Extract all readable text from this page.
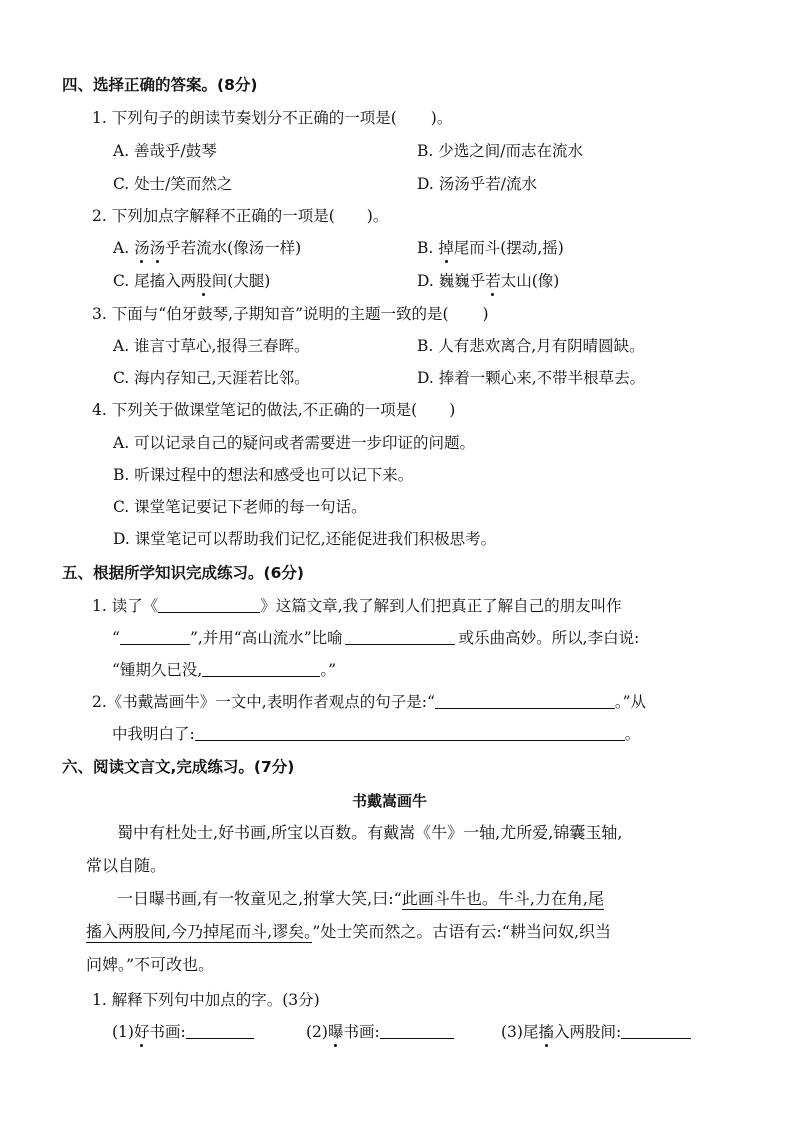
四、选择正确的答案。(8分)
1. 下列句子的朗读节奏划分不正确的一项是( )。
A. 善哉乎/鼓琴	B. 少选之间/而志在流水
C. 处士/笑而然之	D. 汤汤乎若/流水
2. 下列加点字解释不正确的一项是( )。
A. 汤汤乎若流水(像汤一样)	B. 掉尾而斗(摆动,摇)
C. 尾搐入两股间(大腿)	D. 巍巍乎若太山(像)
3. 下面与“伯牙鼓琴,子期知音”说明的主题一致的是( )
A. 谁言寸草心,报得三春晖。	B. 人有悲欢离合,月有阴晴圆缺。
C. 海内存知己,天涯若比邻。	D. 捧着一颗心来,不带半根草去。
4. 下列关于做课堂笔记的做法,不正确的一项是( )
A. 可以记录自己的疑问或者需要进一步印证的问题。
B. 听课过程中的想法和感受也可以记下来。
C. 课堂笔记要记下老师的每一句话。
D. 课堂笔记可以帮助我们记忆,还能促进我们积极思考。
五、根据所学知识完成练习。(6分)
1. 读了《	》这篇文章,我了解到人们把真正了解自己的朋友叫作
“	”,并用“高山流水”比喻	或乐曲高妙。所以,李白说:
“锺期久已没,	。”
2.《书戴嵩画牛》一文中,表明作者观点的句子是:“	。”从
中我明白了:	。
六、阅读文言文,完成练习。(7分)
书戴嵩画牛
蜀中有杜处士,好书画,所宝以百数。有戴嵩《牛》一轴,尤所爱,锦囊玉轴,
常以自随。
一日曝书画,有一牧童见之,拊掌大笑,曰:“此画斗牛也。牛斗,力在角,尾
搐入两股间,今乃掉尾而斗,谬矣。”处士笑而然之。古语有云:“耕当问奴,织当
问婢。”不可改也。
1. 解释下列句中加点的字。(3分)
(1)好书画:	(2)曝书画:	(3)尾搐入两股间:
